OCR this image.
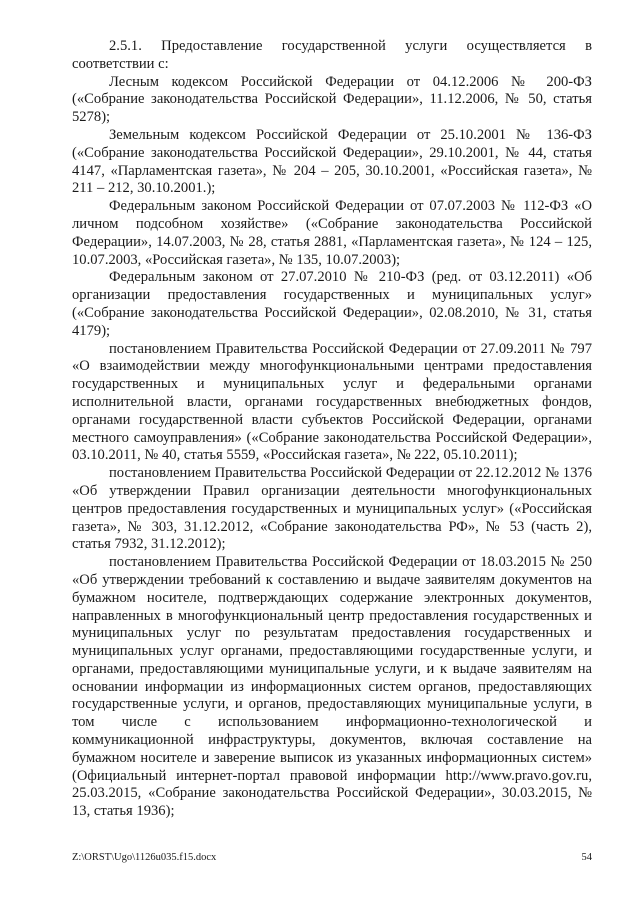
2.5.1. Предоставление государственной услуги осуществляется в соответствии с:

Лесным кодексом Российской Федерации от 04.12.2006 № 200-ФЗ («Собрание законодательства Российской Федерации», 11.12.2006, № 50, статья 5278);

Земельным кодексом Российской Федерации от 25.10.2001 № 136-ФЗ («Собрание законодательства Российской Федерации», 29.10.2001, № 44, статья 4147, «Парламентская газета», № 204 – 205, 30.10.2001, «Российская газета», № 211 – 212, 30.10.2001.);

Федеральным законом Российской Федерации от 07.07.2003 № 112-ФЗ «О личном подсобном хозяйстве» («Собрание законодательства Российской Федерации», 14.07.2003, № 28, статья 2881, «Парламентская газета», № 124 – 125, 10.07.2003, «Российская газета», № 135, 10.07.2003);

Федеральным законом от 27.07.2010 № 210-ФЗ (ред. от 03.12.2011) «Об организации предоставления государственных и муниципальных услуг» («Собрание законодательства Российской Федерации», 02.08.2010, № 31, статья 4179);

постановлением Правительства Российской Федерации от 27.09.2011 № 797 «О взаимодействии между многофункциональными центрами предоставления государственных и муниципальных услуг и федеральными органами исполнительной власти, органами государственных внебюджетных фондов, органами государственной власти субъектов Российской Федерации, органами местного самоуправления» («Собрание законодательства Российской Федерации», 03.10.2011, № 40, статья 5559, «Российская газета», № 222, 05.10.2011);

постановлением Правительства Российской Федерации от 22.12.2012 № 1376 «Об утверждении Правил организации деятельности многофункциональных центров предоставления государственных и муниципальных услуг» («Российская газета», № 303, 31.12.2012, «Собрание законодательства РФ», № 53 (часть 2), статья 7932, 31.12.2012);

постановлением Правительства Российской Федерации от 18.03.2015 № 250 «Об утверждении требований к составлению и выдаче заявителям документов на бумажном носителе, подтверждающих содержание электронных документов, направленных в многофункциональный центр предоставления государственных и муниципальных услуг по результатам предоставления государственных и муниципальных услуг органами, предоставляющими государственные услуги, и органами, предоставляющими муниципальные услуги, и к выдаче заявителям на основании информации из информационных систем органов, предоставляющих государственные услуги, и органов, предоставляющих муниципальные услуги, в том числе с использованием информационно-технологической и коммуникационной инфраструктуры, документов, включая составление на бумажном носителе и заверение выписок из указанных информационных систем» (Официальный интернет-портал правовой информации http://www.pravo.gov.ru, 25.03.2015, «Собрание законодательства Российской Федерации», 30.03.2015, № 13, статья 1936);

Z:\ORST\Ugo\1126u035.f15.docx	54
